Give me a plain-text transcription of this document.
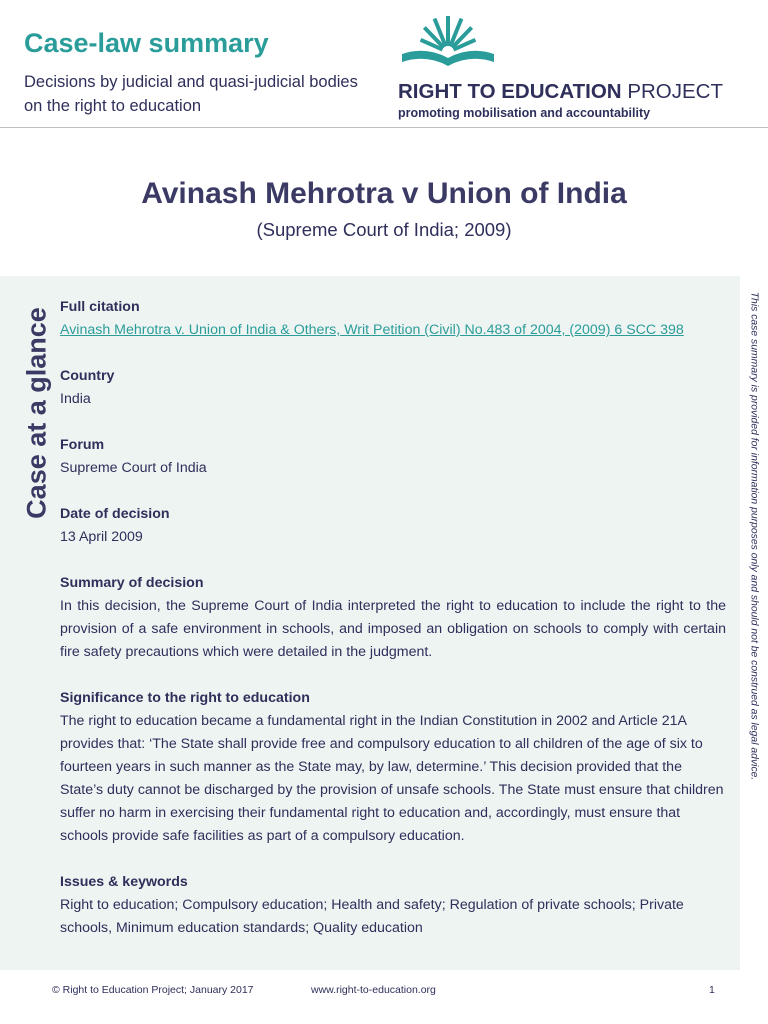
Case-law summary
Decisions by judicial and quasi-judicial bodies on the right to education
RIGHT TO EDUCATION PROJECT
promoting mobilisation and accountability
Avinash Mehrotra v Union of India
(Supreme Court of India; 2009)
Case at a glance	This case summary is provided for information purposes only and should not be construed as legal advice.
Full citation
Avinash Mehrotra v. Union of India & Others, Writ Petition (Civil) No.483 of 2004, (2009) 6 SCC 398
Country
India
Forum
Supreme Court of India
Date of decision
13 April 2009
Summary of decision
In this decision, the Supreme Court of India interpreted the right to education to include the right to the provision of a safe environment in schools, and imposed an obligation on schools to comply with certain fire safety precautions which were detailed in the judgment.
Significance to the right to education
The right to education became a fundamental right in the Indian Constitution in 2002 and Article 21A provides that: ‘The State shall provide free and compulsory education to all children of the age of six to fourteen years in such manner as the State may, by law, determine.’ This decision provided that the State’s duty cannot be discharged by the provision of unsafe schools. The State must ensure that children suffer no harm in exercising their fundamental right to education and, accordingly, must ensure that schools provide safe facilities as part of a compulsory education.
Issues & keywords
Right to education; Compulsory education; Health and safety; Regulation of private schools; Private schools, Minimum education standards; Quality education
© Right to Education Project; January 2017	www.right-to-education.org	1
